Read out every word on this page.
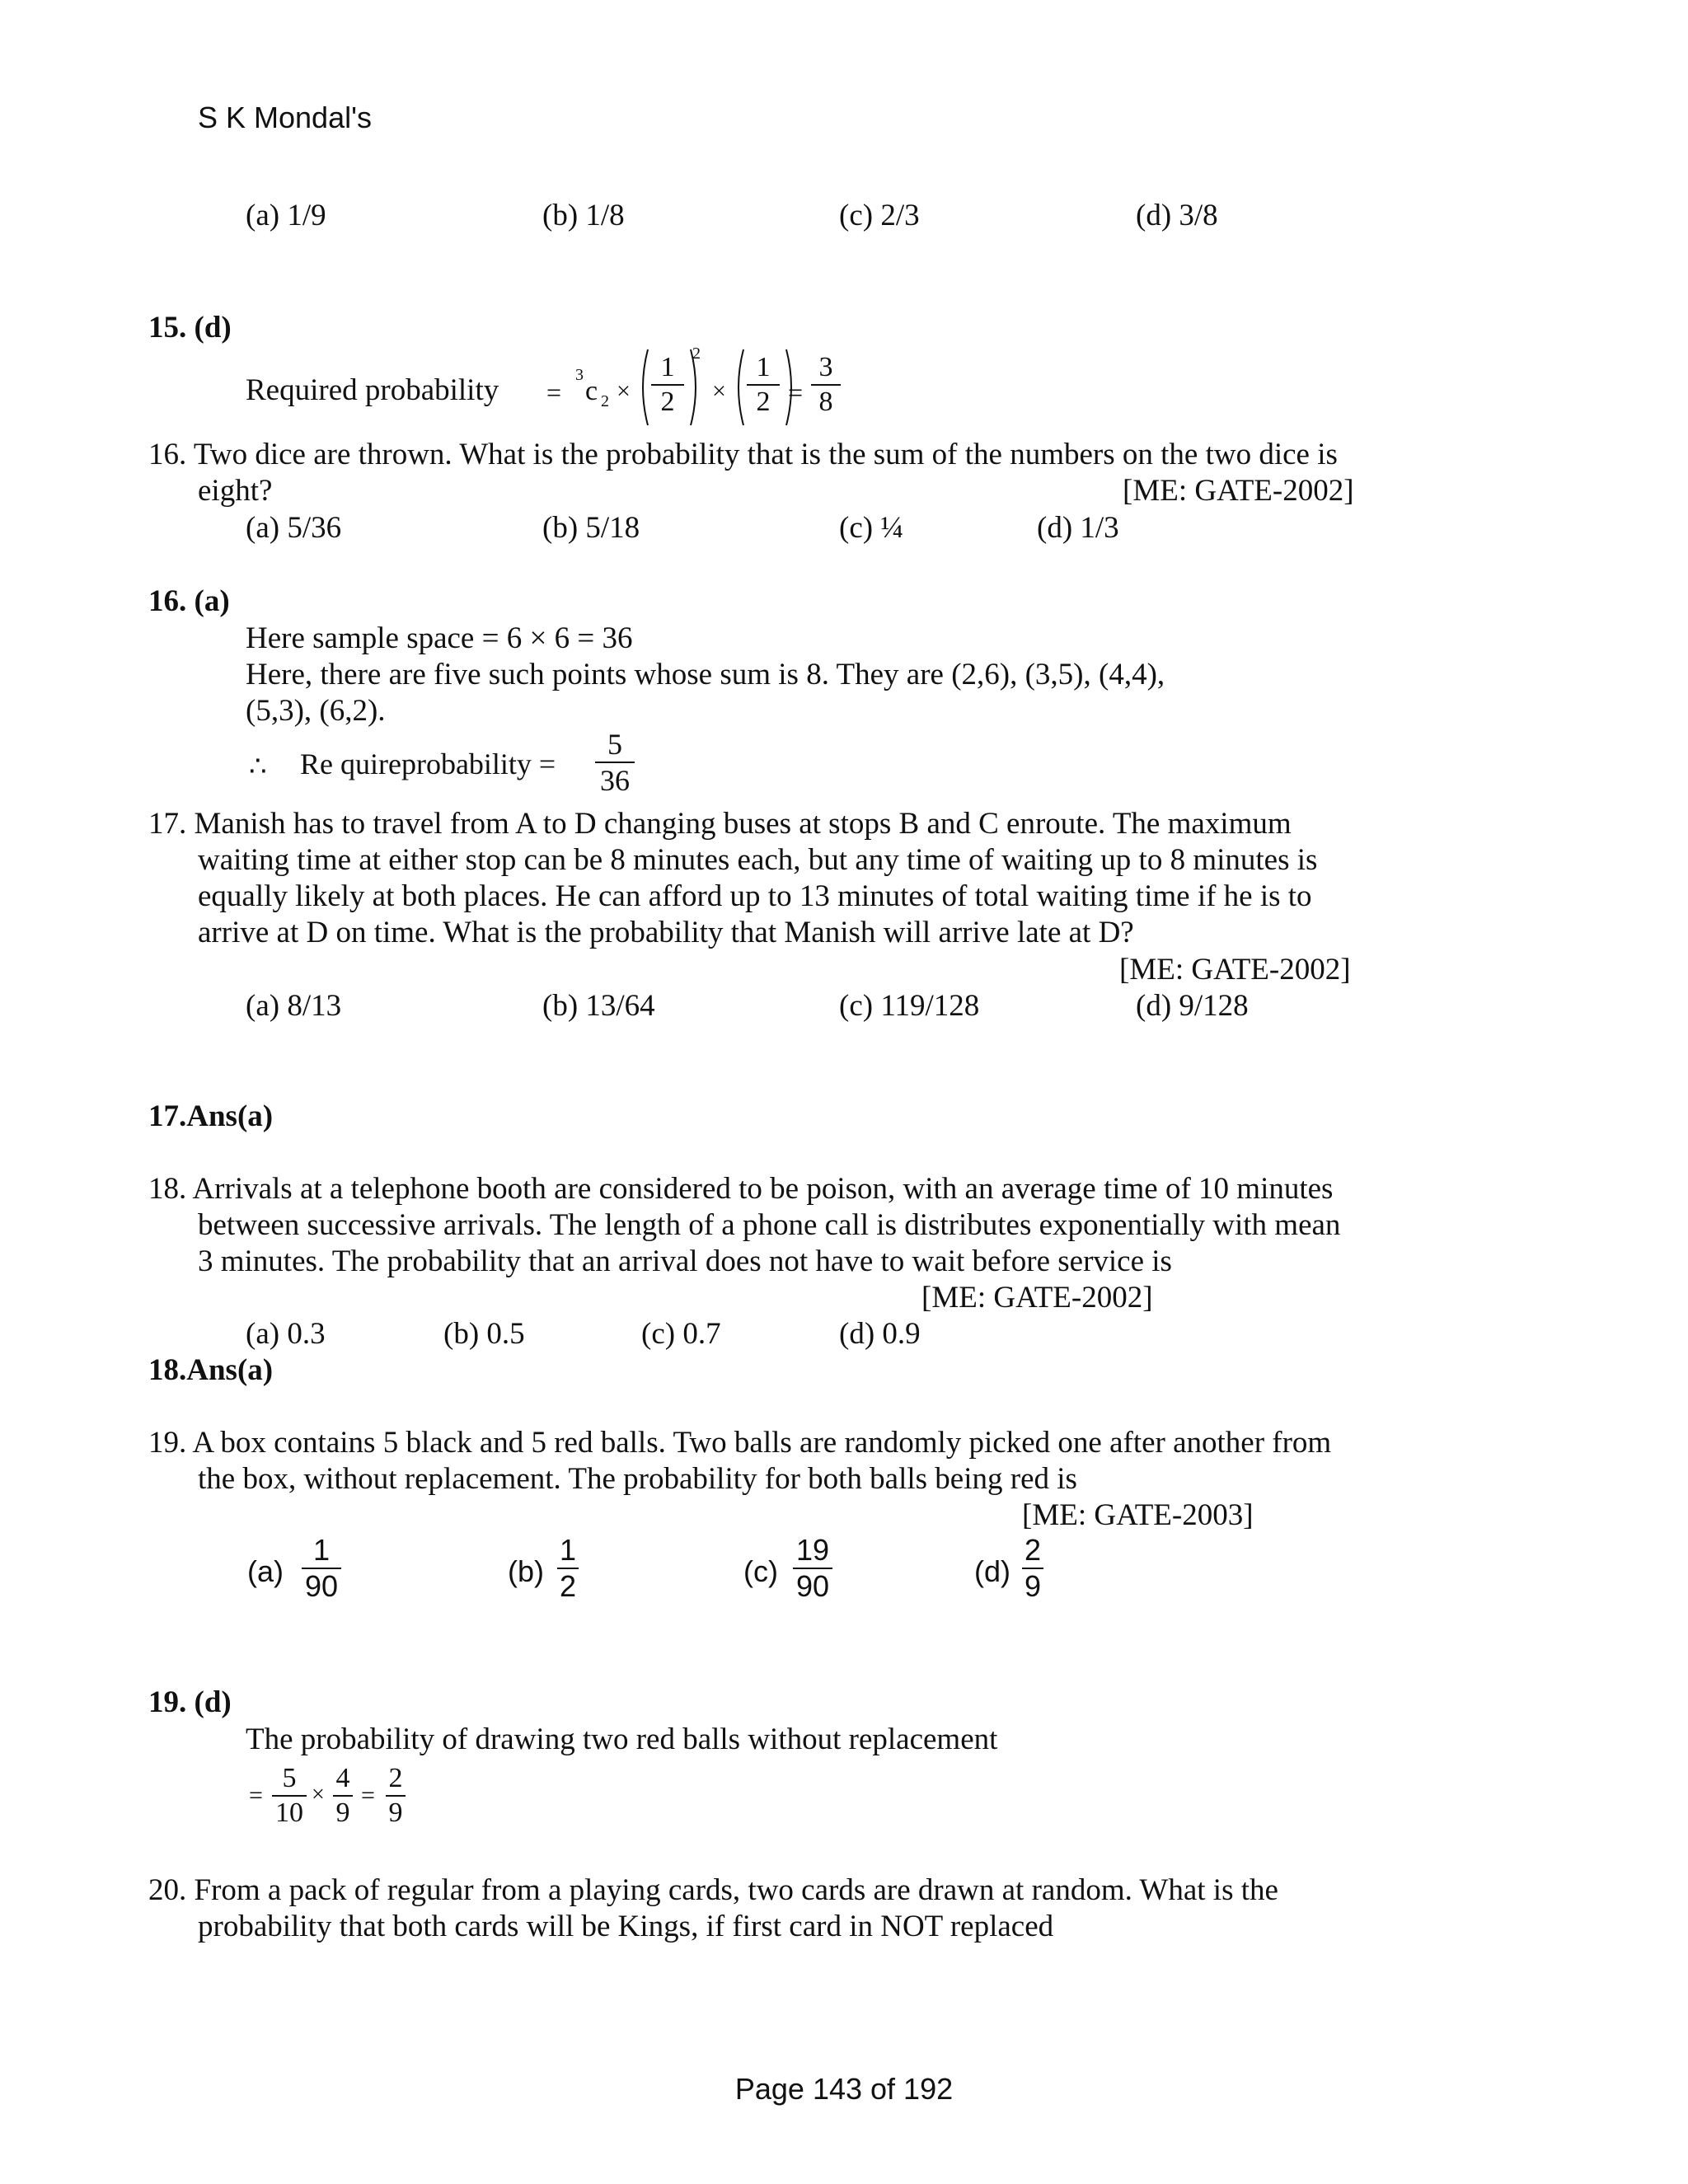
S K Mondal's
(a) 1/9	(b) 1/8	(c) 2/3	(d) 3/8
15. (d)
Required probability =
3
c 2 ×
1
2
2
×
1
2 =
3
8
16. Two dice are thrown. What is the probability that is the sum of the numbers on the two dice is
eight?	[ME: GATE-2002]
(a) 5/36	(b) 5/18	(c) ¼	(d) 1/3
16. (a)
Here sample space = 6 × 6 = 36
Here, there are five such points whose sum is 8. They are (2,6), (3,5), (4,4),
(5,3), (6,2).
∴ Re quireprobability =
5
36
17. Manish has to travel from A to D changing buses at stops B and C enroute. The maximum
waiting time at either stop can be 8 minutes each, but any time of waiting up to 8 minutes is
equally likely at both places. He can afford up to 13 minutes of total waiting time if he is to
arrive at D on time. What is the probability that Manish will arrive late at D?
[ME: GATE-2002]
(a) 8/13	(b) 13/64	(c) 119/128	(d) 9/128
17.Ans(a)
18. Arrivals at a telephone booth are considered to be poison, with an average time of 10 minutes
between successive arrivals. The length of a phone call is distributes exponentially with mean
3 minutes. The probability that an arrival does not have to wait before service is
[ME: GATE-2002]
(a) 0.3	(b) 0.5	(c) 0.7	(d) 0.9
18.Ans(a)
19. A box contains 5 black and 5 red balls. Two balls are randomly picked one after another from
the box, without replacement. The probability for both balls being red is
[ME: GATE-2003]
(a)
1
90	(b)
1
2	(c)
19
90	(d)
2
9
19. (d)
The probability of drawing two red balls without replacement
=
5
10
×
4
9
=
2
9
20. From a pack of regular from a playing cards, two cards are drawn at random. What is the
probability that both cards will be Kings, if first card in NOT replaced
Page 143 of 192
